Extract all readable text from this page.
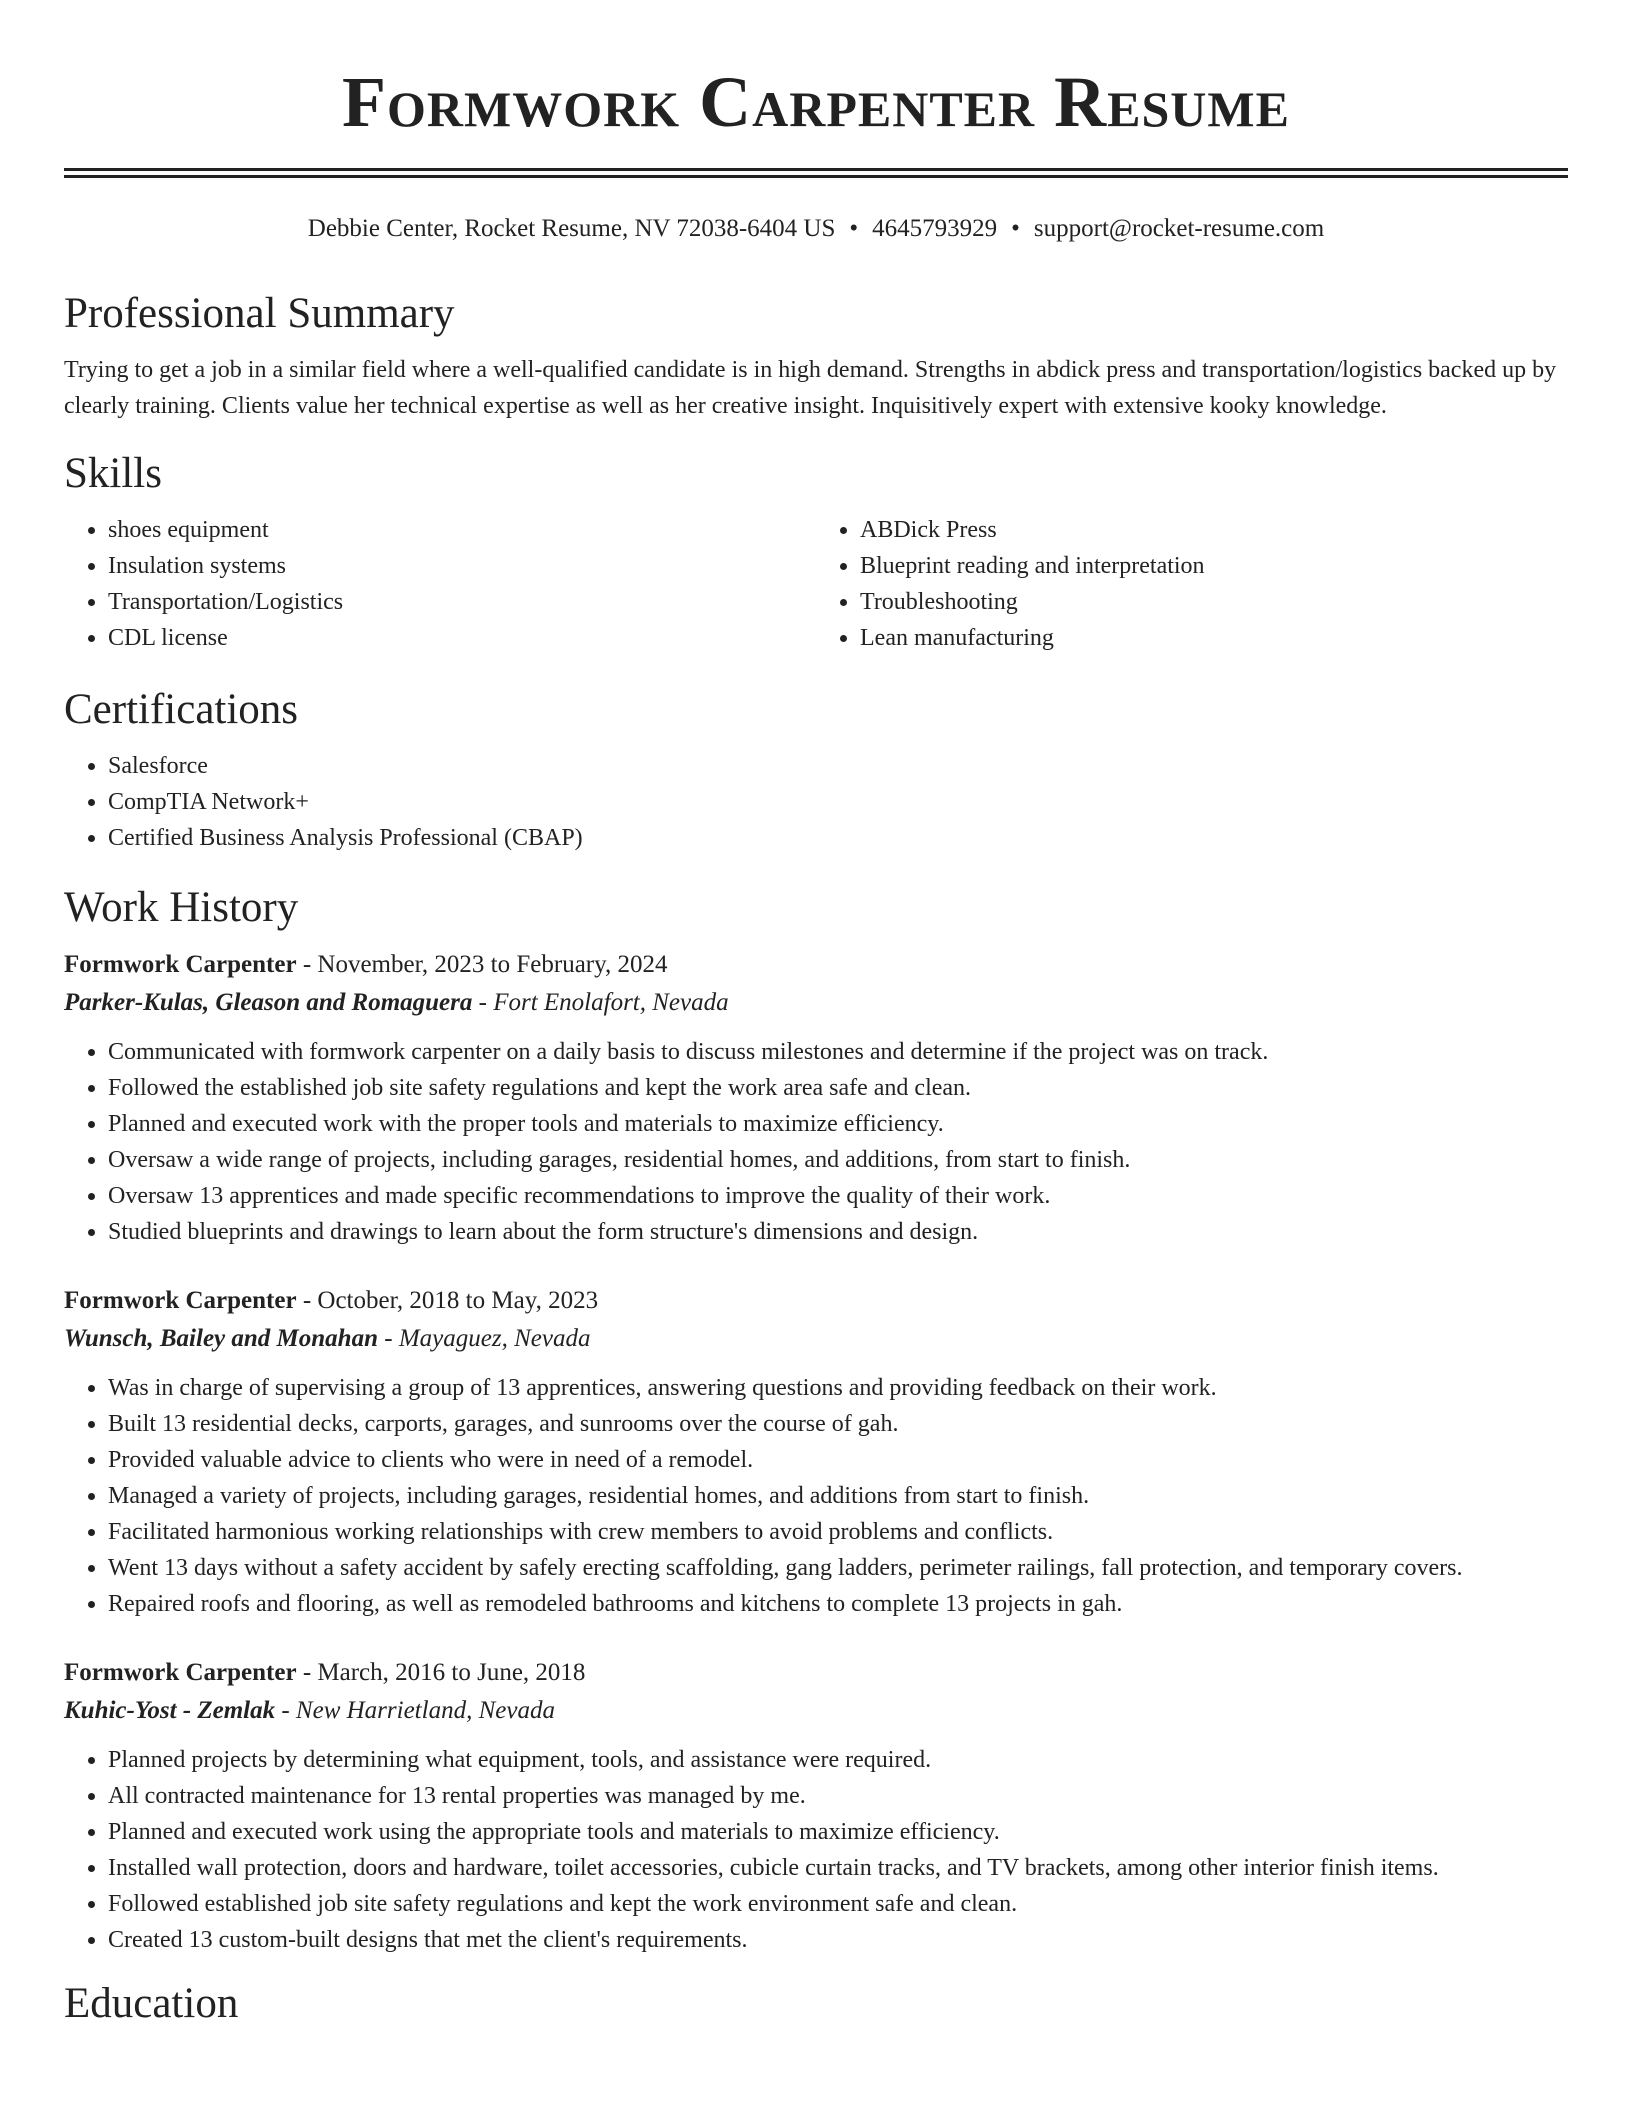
Formwork Carpenter Resume
Debbie Center, Rocket Resume, NV 72038-6404 US • 4645793929 • support@rocket-resume.com
Professional Summary

Trying to get a job in a similar field where a well-qualified candidate is in high demand. Strengths in abdick press and transportation/logistics backed up by clearly training. Clients value her technical expertise as well as her creative insight. Inquisitively expert with extensive kooky knowledge.

Skills
• shoes equipment
• Insulation systems
• Transportation/Logistics
• CDL license
• ABDick Press
• Blueprint reading and interpretation
• Troubleshooting
• Lean manufacturing
Certifications
• Salesforce
• CompTIA Network+
• Certified Business Analysis Professional (CBAP)
Work History
Formwork Carpenter - November, 2023 to February, 2024
Parker-Kulas, Gleason and Romaguera - Fort Enolafort, Nevada
• Communicated with formwork carpenter on a daily basis to discuss milestones and determine if the project was on track.
• Followed the established job site safety regulations and kept the work area safe and clean.
• Planned and executed work with the proper tools and materials to maximize efficiency.
• Oversaw a wide range of projects, including garages, residential homes, and additions, from start to finish.
• Oversaw 13 apprentices and made specific recommendations to improve the quality of their work.
• Studied blueprints and drawings to learn about the form structure's dimensions and design.
Formwork Carpenter - October, 2018 to May, 2023
Wunsch, Bailey and Monahan - Mayaguez, Nevada
• Was in charge of supervising a group of 13 apprentices, answering questions and providing feedback on their work.
• Built 13 residential decks, carports, garages, and sunrooms over the course of gah.
• Provided valuable advice to clients who were in need of a remodel.
• Managed a variety of projects, including garages, residential homes, and additions from start to finish.
• Facilitated harmonious working relationships with crew members to avoid problems and conflicts.
• Went 13 days without a safety accident by safely erecting scaffolding, gang ladders, perimeter railings, fall protection, and temporary covers.
• Repaired roofs and flooring, as well as remodeled bathrooms and kitchens to complete 13 projects in gah.
Formwork Carpenter - March, 2016 to June, 2018
Kuhic-Yost - Zemlak - New Harrietland, Nevada
• Planned projects by determining what equipment, tools, and assistance were required.
• All contracted maintenance for 13 rental properties was managed by me.
• Planned and executed work using the appropriate tools and materials to maximize efficiency.
• Installed wall protection, doors and hardware, toilet accessories, cubicle curtain tracks, and TV brackets, among other interior finish items.
• Followed established job site safety regulations and kept the work environment safe and clean.
• Created 13 custom-built designs that met the client's requirements.
Education
